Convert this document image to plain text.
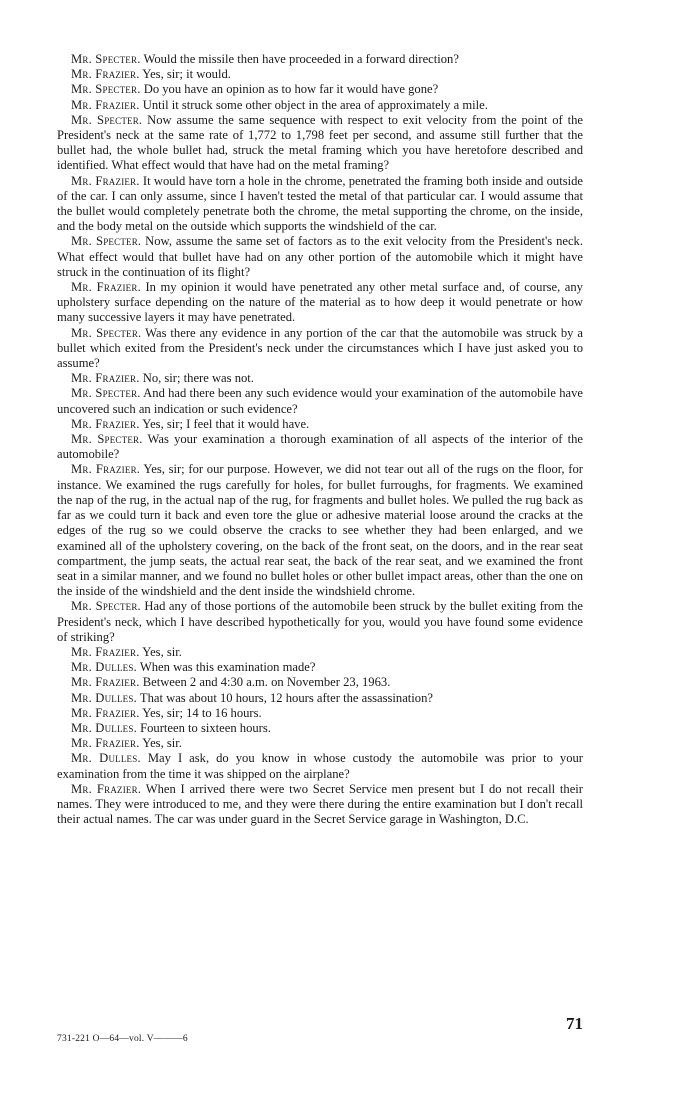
Mr. Specter. Would the missile then have proceeded in a forward direction?

Mr. Frazier. Yes, sir; it would.

Mr. Specter. Do you have an opinion as to how far it would have gone?

Mr. Frazier. Until it struck some other object in the area of approximately a mile.

Mr. Specter. Now assume the same sequence with respect to exit velocity from the point of the President's neck at the same rate of 1,772 to 1,798 feet per second, and assume still further that the bullet had, the whole bullet had, struck the metal framing which you have heretofore described and identified. What effect would that have had on the metal framing?

Mr. Frazier. It would have torn a hole in the chrome, penetrated the framing both inside and outside of the car. I can only assume, since I haven't tested the metal of that particular car. I would assume that the bullet would completely penetrate both the chrome, the metal supporting the chrome, on the inside, and the body metal on the outside which supports the windshield of the car.

Mr. Specter. Now, assume the same set of factors as to the exit velocity from the President's neck. What effect would that bullet have had on any other portion of the automobile which it might have struck in the continuation of its flight?

Mr. Frazier. In my opinion it would have penetrated any other metal surface and, of course, any upholstery surface depending on the nature of the material as to how deep it would penetrate or how many successive layers it may have penetrated.

Mr. Specter. Was there any evidence in any portion of the car that the automobile was struck by a bullet which exited from the President's neck under the circumstances which I have just asked you to assume?

Mr. Frazier. No, sir; there was not.

Mr. Specter. And had there been any such evidence would your examination of the automobile have uncovered such an indication or such evidence?

Mr. Frazier. Yes, sir; I feel that it would have.

Mr. Specter. Was your examination a thorough examination of all aspects of the interior of the automobile?

Mr. Frazier. Yes, sir; for our purpose. However, we did not tear out all of the rugs on the floor, for instance. We examined the rugs carefully for holes, for bullet furroughs, for fragments. We examined the nap of the rug, in the actual nap of the rug, for fragments and bullet holes. We pulled the rug back as far as we could turn it back and even tore the glue or adhesive material loose around the cracks at the edges of the rug so we could observe the cracks to see whether they had been enlarged, and we examined all of the upholstery covering, on the back of the front seat, on the doors, and in the rear seat compartment, the jump seats, the actual rear seat, the back of the rear seat, and we examined the front seat in a similar manner, and we found no bullet holes or other bullet impact areas, other than the one on the inside of the windshield and the dent inside the windshield chrome.

Mr. Specter. Had any of those portions of the automobile been struck by the bullet exiting from the President's neck, which I have described hypothetically for you, would you have found some evidence of striking?

Mr. Frazier. Yes, sir.

Mr. Dulles. When was this examination made?

Mr. Frazier. Between 2 and 4:30 a.m. on November 23, 1963.

Mr. Dulles. That was about 10 hours, 12 hours after the assassination?

Mr. Frazier. Yes, sir; 14 to 16 hours.

Mr. Dulles. Fourteen to sixteen hours.

Mr. Frazier. Yes, sir.

Mr. Dulles. May I ask, do you know in whose custody the automobile was prior to your examination from the time it was shipped on the airplane?

Mr. Frazier. When I arrived there were two Secret Service men present but I do not recall their names. They were introduced to me, and they were there during the entire examination but I don't recall their actual names. The car was under guard in the Secret Service garage in Washington, D.C.

71
731-221 O—64—vol. V———6
